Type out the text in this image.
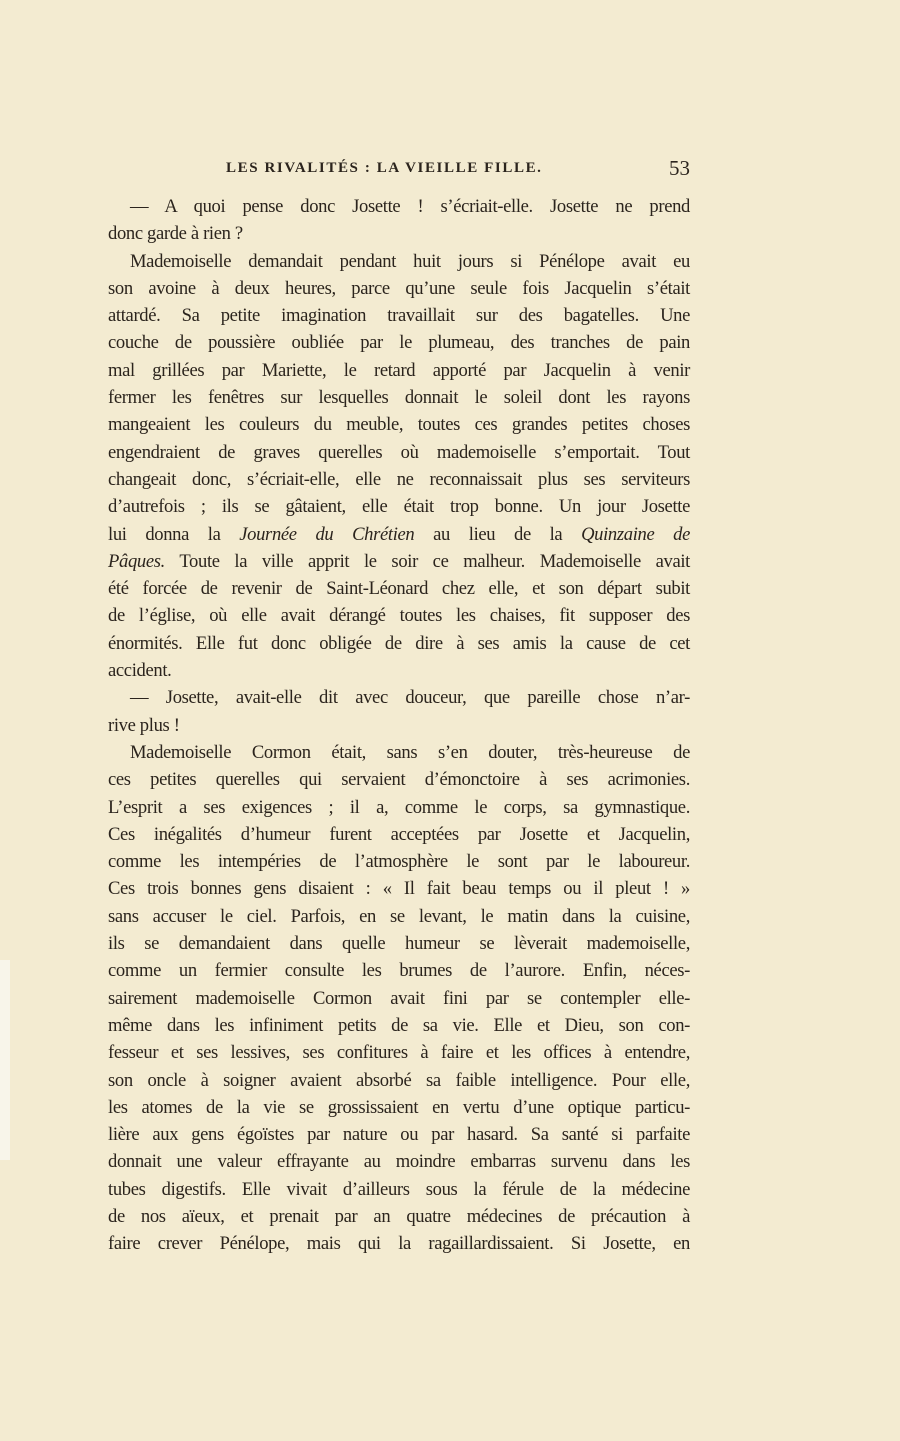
LES RIVALITÉS : LA VIEILLE FILLE.	53
— A quoi pense donc Josette ! s’écriait-elle. Josette ne prend
donc garde à rien ?
Mademoiselle demandait pendant huit jours si Pénélope avait eu
son avoine à deux heures, parce qu’une seule fois Jacquelin s’était
attardé. Sa petite imagination travaillait sur des bagatelles. Une
couche de poussière oubliée par le plumeau, des tranches de pain
mal grillées par Mariette, le retard apporté par Jacquelin à venir
fermer les fenêtres sur lesquelles donnait le soleil dont les rayons
mangeaient les couleurs du meuble, toutes ces grandes petites choses
engendraient de graves querelles où mademoiselle s’emportait. Tout
changeait donc, s’écriait-elle, elle ne reconnaissait plus ses serviteurs
d’autrefois ; ils se gâtaient, elle était trop bonne. Un jour Josette
lui donna la Journée du Chrétien au lieu de la Quinzaine de
Pâques. Toute la ville apprit le soir ce malheur. Mademoiselle avait
été forcée de revenir de Saint-Léonard chez elle, et son départ subit
de l’église, où elle avait dérangé toutes les chaises, fit supposer des
énormités. Elle fut donc obligée de dire à ses amis la cause de cet
accident.
— Josette, avait-elle dit avec douceur, que pareille chose n’ar-
rive plus !
Mademoiselle Cormon était, sans s’en douter, très-heureuse de
ces petites querelles qui servaient d’émonctoire à ses acrimonies.
L’esprit a ses exigences ; il a, comme le corps, sa gymnastique.
Ces inégalités d’humeur furent acceptées par Josette et Jacquelin,
comme les intempéries de l’atmosphère le sont par le laboureur.
Ces trois bonnes gens disaient : « Il fait beau temps ou il pleut ! »
sans accuser le ciel. Parfois, en se levant, le matin dans la cuisine,
ils se demandaient dans quelle humeur se lèverait mademoiselle,
comme un fermier consulte les brumes de l’aurore. Enfin, néces-
sairement mademoiselle Cormon avait fini par se contempler elle-
même dans les infiniment petits de sa vie. Elle et Dieu, son con-
fesseur et ses lessives, ses confitures à faire et les offices à entendre,
son oncle à soigner avaient absorbé sa faible intelligence. Pour elle,
les atomes de la vie se grossissaient en vertu d’une optique particu-
lière aux gens égoïstes par nature ou par hasard. Sa santé si parfaite
donnait une valeur effrayante au moindre embarras survenu dans les
tubes digestifs. Elle vivait d’ailleurs sous la férule de la médecine
de nos aïeux, et prenait par an quatre médecines de précaution à
faire crever Pénélope, mais qui la ragaillardissaient. Si Josette, en
